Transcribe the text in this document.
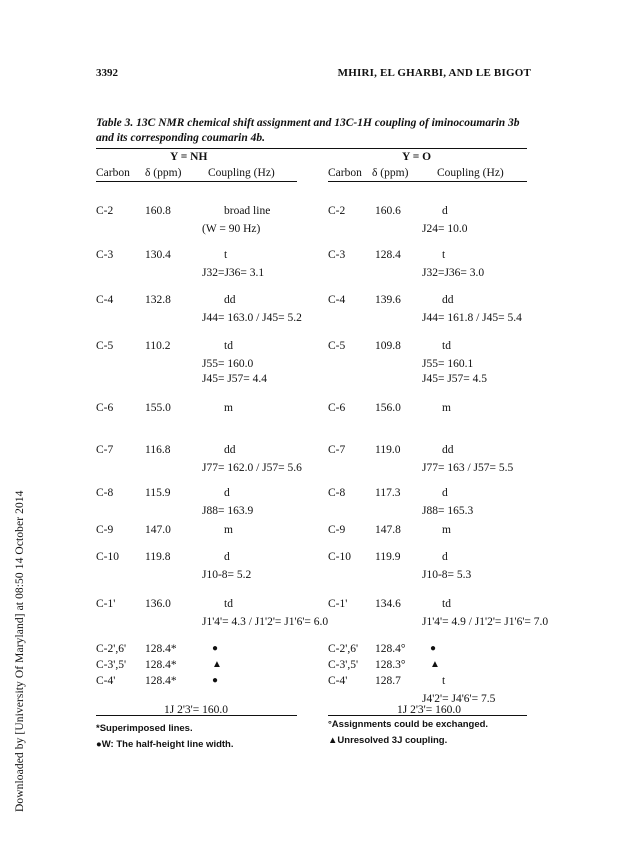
3392	MHIRI, EL GHARBI, AND LE BIGOT
Downloaded by [University Of Maryland] at 08:50 14 October 2014
Table 3. 13C NMR chemical shift assignment and 13C-1H coupling of iminocoumarin 3b and its corresponding coumarin 4b.
Y = NH	Y = O
Carbon δ (ppm) Coupling (Hz)	Carbon δ (ppm) Coupling (Hz)
C-2	160.8	broad line
(W = 90 Hz)
C-3	130.4	t
J32=J36= 3.1
C-4	132.8	dd
J44= 163.0 / J45= 5.2
C-5	110.2	td
J55= 160.0
J45= J57= 4.4
C-6	155.0	m
C-7	116.8	dd
J77= 162.0 / J57= 5.6
C-8	115.9	d
J88= 163.9
C-9	147.0	m
C-10 119.8	d
J10-8= 5.2
C-1'	136.0	td
J1'4'= 4.3 / J1'2'= J1'6'= 6.0
C-2',6' 128.4*	●
C-3',5' 128.4*	▲
C-4'	128.4*	●
C-2	160.6	d
J24= 10.0
C-3	128.4	t
J32=J36= 3.0
C-4	139.6	dd
J44= 161.8 / J45= 5.4
C-5	109.8	td
J55= 160.1
J45= J57= 4.5
C-6	156.0	m
C-7	119.0	dd
J77= 163 / J57= 5.5
C-8	117.3	d
J88= 165.3
C-9	147.8	m
C-10 119.9	d
J10-8= 5.3
C-1' 134.6	td
J1'4'= 4.9 / J1'2'= J1'6'= 7.0
C-2',6' 128.4° ●
C-3',5' 128.3° ▲
C-4' 128.7	t
J4'2'= J4'6'= 7.5
1J 2'3'= 160.0	1J 2'3'= 160.0
*Superimposed lines.
●W: The half-height line width.
°Assignments could be exchanged.
▲Unresolved 3J coupling.
